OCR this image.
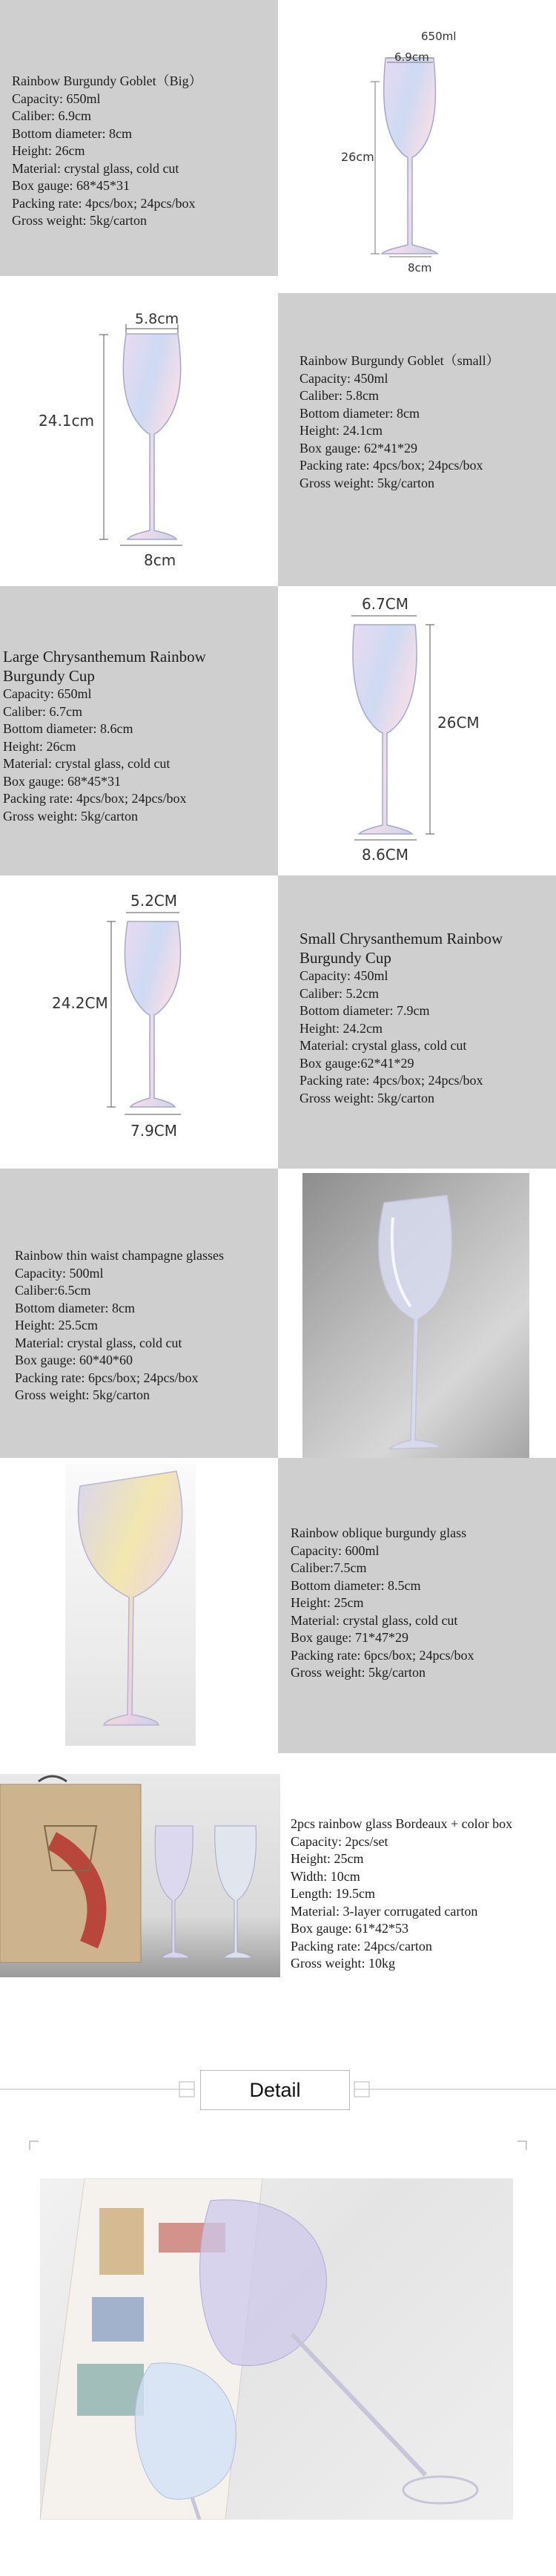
Rainbow Burgundy Goblet（Big）
Capacity: 650ml
Caliber: 6.9cm
Bottom diameter: 8cm
Height: 26cm
Material: crystal glass, cold cut
Box gauge: 68*45*31
Packing rate: 4pcs/box; 24pcs/box
Gross weight: 5kg/carton
650ml
6.9cm
26cm
8cm
Rainbow Burgundy Goblet（small）
Capacity: 450ml
Caliber: 5.8cm
Bottom diameter: 8cm
Height: 24.1cm
Box gauge: 62*41*29
Packing rate: 4pcs/box; 24pcs/box
Gross weight: 5kg/carton
5.8cm
24.1cm
8cm
Large Chrysanthemum Rainbow Burgundy Cup
Capacity: 650ml
Caliber: 6.7cm
Bottom diameter: 8.6cm
Height: 26cm
Material: crystal glass, cold cut
Box gauge: 68*45*31
Packing rate: 4pcs/box; 24pcs/box
Gross weight: 5kg/carton
6.7CM
26CM
8.6CM
Small Chrysanthemum Rainbow Burgundy Cup
Capacity: 450ml
Caliber: 5.2cm
Bottom diameter: 7.9cm
Height: 24.2cm
Material: crystal glass, cold cut
Box gauge:62*41*29
Packing rate: 4pcs/box; 24pcs/box
Gross weight: 5kg/carton
5.2CM
24.2CM
7.9CM
Rainbow thin waist champagne glasses
Capacity: 500ml
Caliber:6.5cm
Bottom diameter: 8cm
Height: 25.5cm
Material: crystal glass, cold cut
Box gauge: 60*40*60
Packing rate: 6pcs/box; 24pcs/box
Gross weight: 5kg/carton
Rainbow oblique burgundy glass
Capacity: 600ml
Caliber:7.5cm
Bottom diameter: 8.5cm
Height: 25cm
Material: crystal glass, cold cut
Box gauge: 71*47*29
Packing rate: 6pcs/box; 24pcs/box
Gross weight: 5kg/carton
2pcs rainbow glass Bordeaux + color box
Capacity: 2pcs/set
Height: 25cm
Width: 10cm
Length: 19.5cm
Material: 3-layer corrugated carton
Box gauge: 61*42*53
Packing rate: 24pcs/carton
Gross weight: 10kg
Detail
